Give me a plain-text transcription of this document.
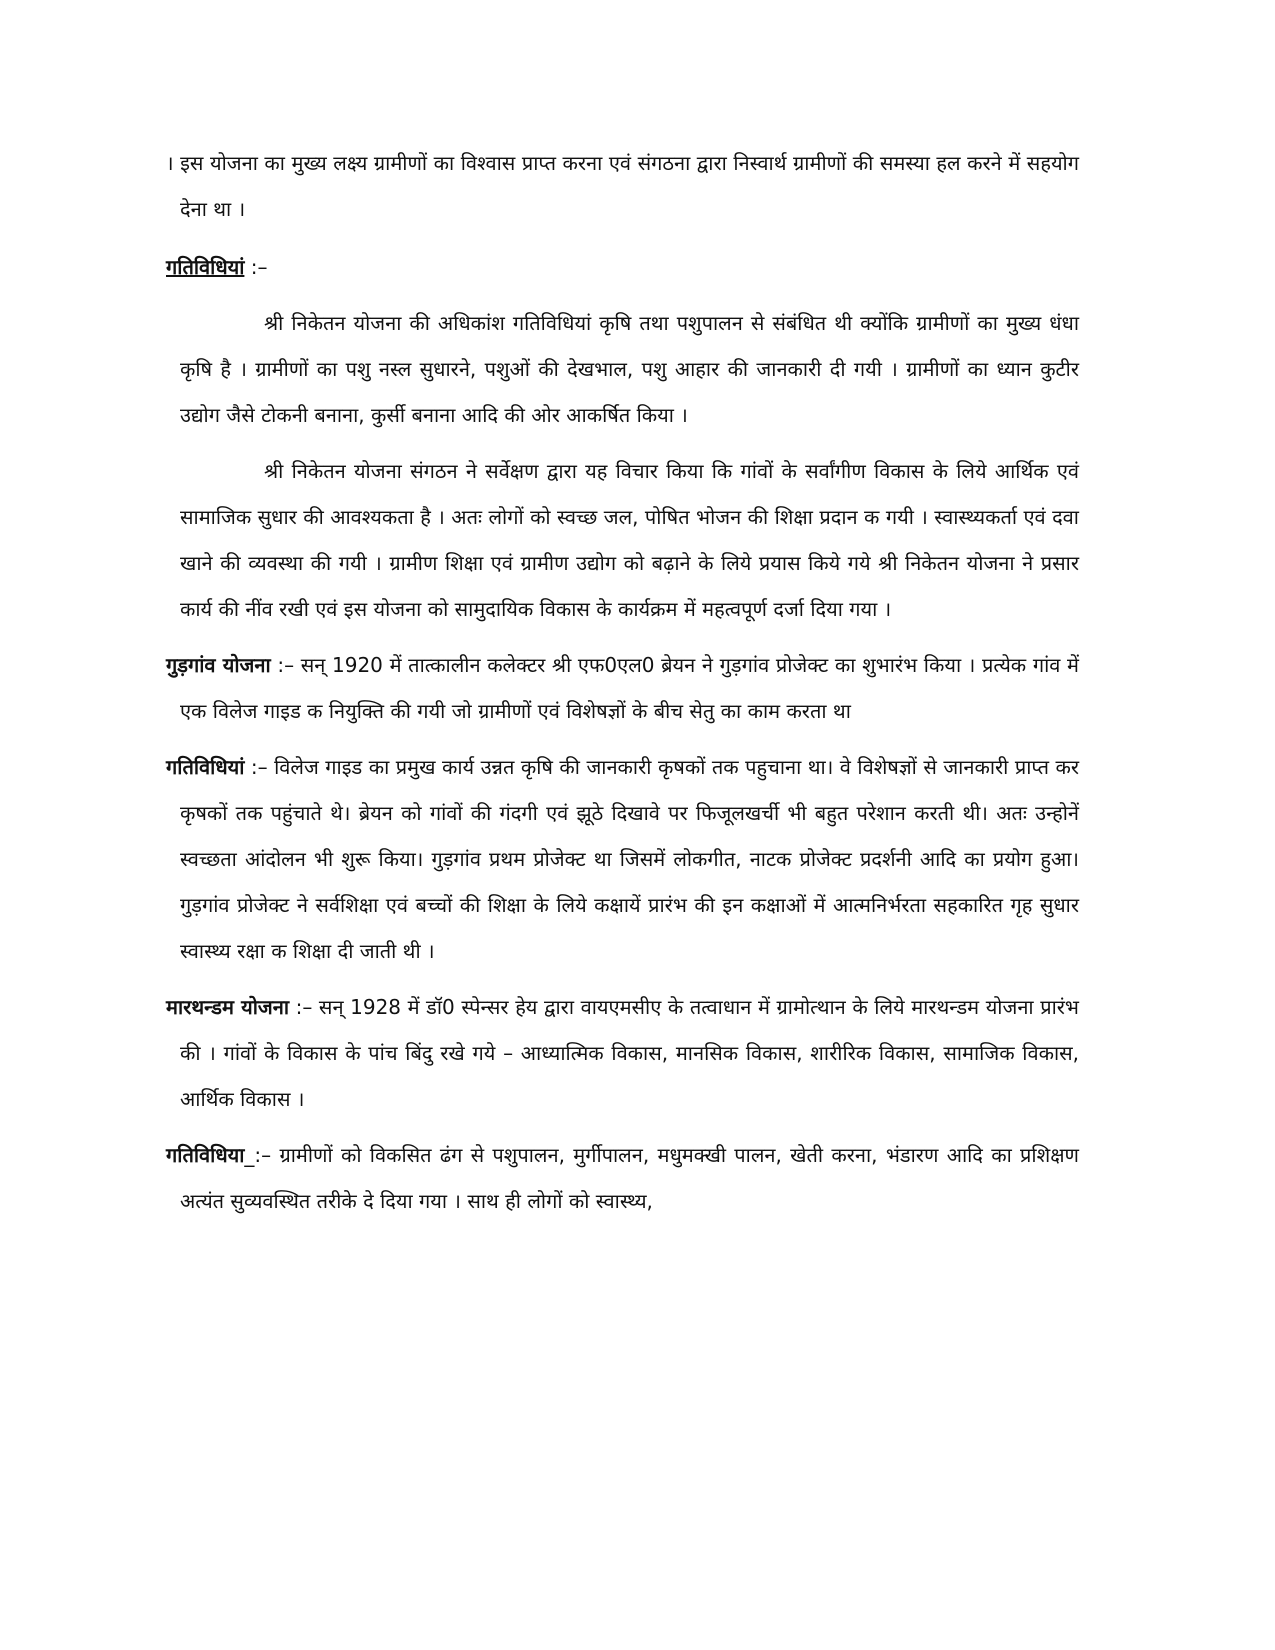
। इस योजना का मुख्य लक्ष्य ग्रामीणों का विश्वास प्राप्त करना एवं संगठना द्वारा निस्वार्थ ग्रामीणों की समस्या हल करने में सहयोग देना था ।

गतिविधियां :–

श्री निकेतन योजना की अधिकांश गतिविधियां कृषि तथा पशुपालन से संबंधित थी क्योंकि ग्रामीणों का मुख्य धंधा कृषि है । ग्रामीणों का पशु नस्ल सुधारने, पशुओं की देखभाल, पशु आहार की जानकारी दी गयी । ग्रामीणों का ध्यान कुटीर उद्योग जैसे टोकनी बनाना, कुर्सी बनाना आदि की ओर आकर्षित किया ।

श्री निकेतन योजना संगठन ने सर्वेक्षण द्वारा यह विचार किया कि गांवों के सर्वांगीण विकास के लिये आर्थिक एवं सामाजिक सुधार की आवश्यकता है । अतः लोगों को स्वच्छ जल, पोषित भोजन की शिक्षा प्रदान क गयी । स्वास्थ्यकर्ता एवं दवा खाने की व्यवस्था की गयी । ग्रामीण शिक्षा एवं ग्रामीण उद्योग को बढ़ाने के लिये प्रयास किये गये श्री निकेतन योजना ने प्रसार कार्य की नींव रखी एवं इस योजना को सामुदायिक विकास के कार्यक्रम में महत्वपूर्ण दर्जा दिया गया ।

गुड़गांव योजना :– सन् 1920 में तात्कालीन कलेक्टर श्री एफ0एल0 ब्रेयन ने गुड़गांव प्रोजेक्ट का शुभारंभ किया । प्रत्येक गांव में एक विलेज गाइड क नियुक्ति की गयी जो ग्रामीणों एवं विशेषज्ञों के बीच सेतु का काम करता था

गतिविधियां :– विलेज गाइड का प्रमुख कार्य उन्नत कृषि की जानकारी कृषकों तक पहुचाना था। वे विशेषज्ञों से जानकारी प्राप्त कर कृषकों तक पहुंचाते थे। ब्रेयन को गांवों की गंदगी एवं झूठे दिखावे पर फिजूलखर्ची भी बहुत परेशान करती थी। अतः उन्होनें स्वच्छता आंदोलन भी शुरू किया। गुड़गांव प्रथम प्रोजेक्ट था जिसमें लोकगीत, नाटक प्रोजेक्ट प्रदर्शनी आदि का प्रयोग हुआ। गुड़गांव प्रोजेक्ट ने सर्वशिक्षा एवं बच्चों की शिक्षा के लिये कक्षायें प्रारंभ की इन कक्षाओं में आत्मनिर्भरता सहकारित गृह सुधार स्वास्थ्य रक्षा क शिक्षा दी जाती थी ।

मारथन्डम योजना :– सन् 1928 में डॉ0 स्पेन्सर हेय द्वारा वायएमसीए के तत्वाधान में ग्रामोत्थान के लिये मारथन्डम योजना प्रारंभ की । गांवों के विकास के पांच बिंदु रखे गये – आध्यात्मिक विकास, मानसिक विकास, शारीरिक विकास, सामाजिक विकास, आर्थिक विकास ।

गतिविधिया_:– ग्रामीणों को विकसित ढंग से पशुपालन, मुर्गीपालन, मधुमक्खी पालन, खेती करना, भंडारण आदि का प्रशिक्षण अत्यंत सुव्यवस्थित तरीके दे दिया गया । साथ ही लोगों को स्वास्थ्य,
